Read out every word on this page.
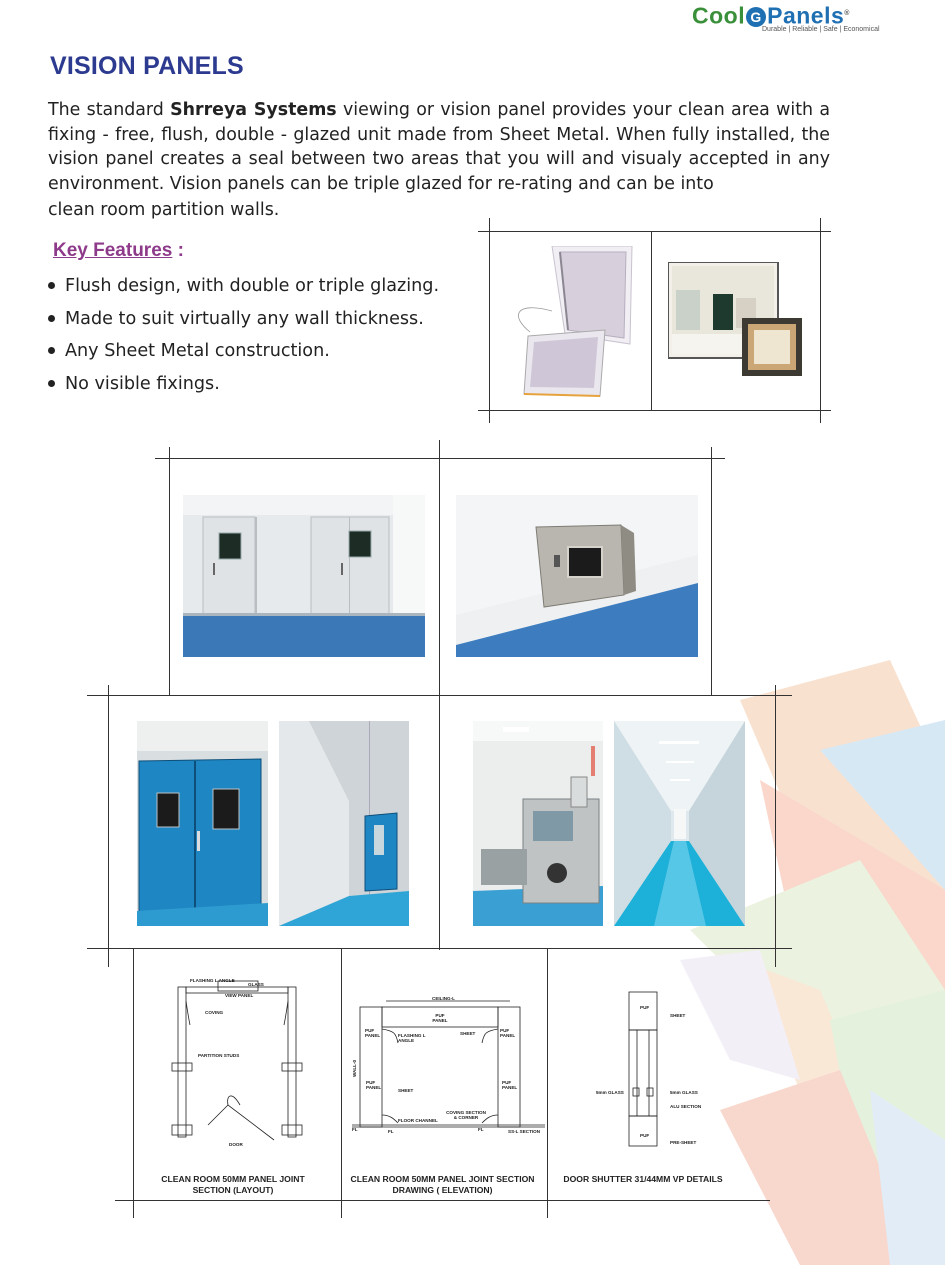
Cool G Panels®
Durable | Reliable | Safe | Economical
VISION PANELS

The standard Shrreya Systems viewing or vision panel provides your clean area with a fixing - free, flush, double - glazed unit made from Sheet Metal. When fully installed, the vision panel creates a seal between two areas that you will and visualy accepted in any environment. Vision panels can be triple glazed for re-rating and can be into
clean room partition walls.

Key Features :
Flush design, with double or triple glazing.
Made to suit virtually any wall thickness.
Any Sheet Metal construction.
No visible fixings.
FLASHING L ANGLE
GLASS
VIEW PANEL
COVING
PARTITION STUDS
DOOR
CEILING-L
PUF PANEL
PUF PANEL
PUF PANEL
FLASHING L ANGLE
SHEET
WALL-0
PUF PANEL
SHEET
PUF PANEL
COVING SECTION & CORNER
FLOOR CHANNEL
FL	FL	FL	SS-L SECTION
PUF
SHEET
5mm GLASS	5mm GLASS
ALU SECTION
PUF
PRE-SHEET
CLEAN ROOM 50MM PANEL JOINT SECTION (LAYOUT)
CLEAN ROOM 50MM PANEL JOINT SECTION DRAWING ( ELEVATION)
DOOR SHUTTER 31/44MM VP DETAILS
